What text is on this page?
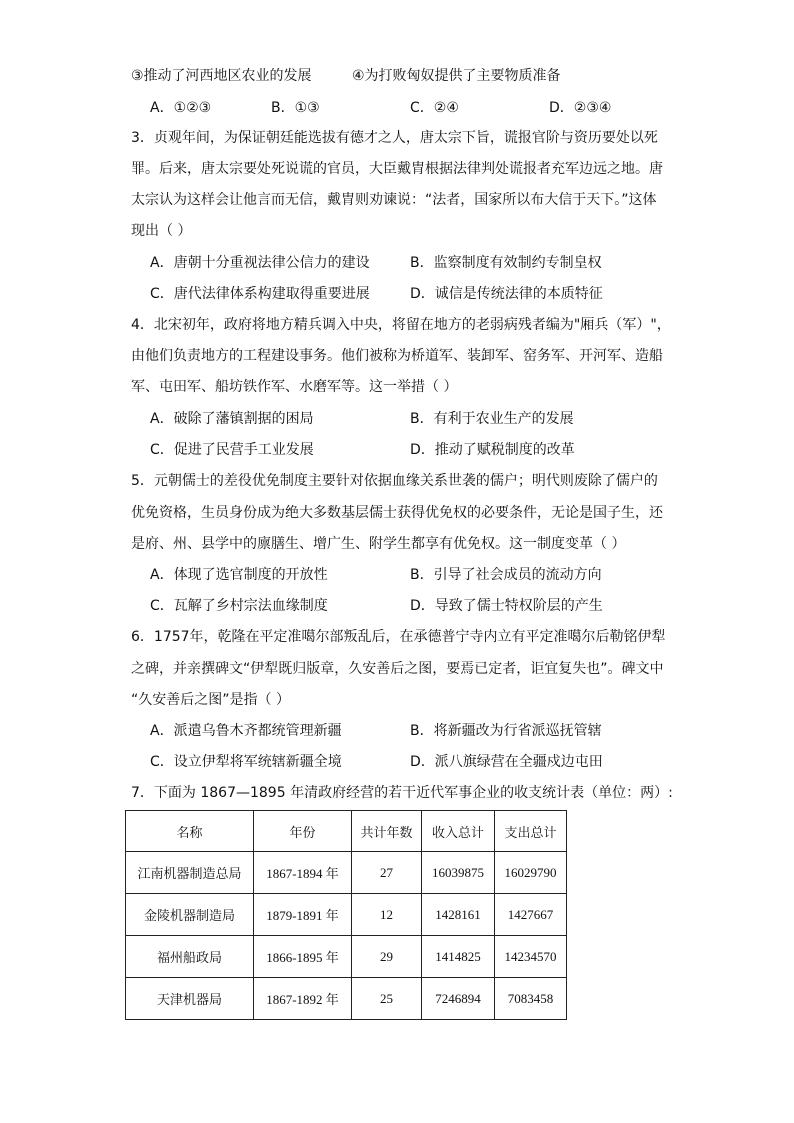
③推动了河西地区农业的发展	④为打败匈奴提供了主要物质准备
A．①②③	B．①③	C．②④	D．②③④
3．贞观年间，为保证朝廷能选拔有德才之人，唐太宗下旨，谎报官阶与资历要处以死
罪。后来，唐太宗要处死说谎的官员，大臣戴胄根据法律判处谎报者充军边远之地。唐
太宗认为这样会让他言而无信，戴胄则劝谏说：“法者，国家所以布大信于天下。”这体
现出（ ）
A．唐朝十分重视法律公信力的建设	B．监察制度有效制约专制皇权
C．唐代法律体系构建取得重要进展	D．诚信是传统法律的本质特征
4．北宋初年，政府将地方精兵调入中央，将留在地方的老弱病残者编为"厢兵（军）"，
由他们负责地方的工程建设事务。他们被称为桥道军、装卸军、窑务军、开河军、造船
军、屯田军、船坊铁作军、水磨军等。这一举措（ ）
A．破除了藩镇割据的困局	B．有利于农业生产的发展
C．促进了民营手工业发展	D．推动了赋税制度的改革
5．元朝儒士的差役优免制度主要针对依据血缘关系世袭的儒户；明代则废除了儒户的
优免资格，生员身份成为绝大多数基层儒士获得优免权的必要条件，无论是国子生，还
是府、州、县学中的廪膳生、增广生、附学生都享有优免权。这一制度变革（ ）
A．体现了选官制度的开放性	B．引导了社会成员的流动方向
C．瓦解了乡村宗法血缘制度	D．导致了儒士特权阶层的产生
6．1757年，乾隆在平定准噶尔部叛乱后，在承德普宁寺内立有平定准噶尔后勒铭伊犁
之碑，并亲撰碑文“伊犁既归版章，久安善后之图，要焉已定者，讵宜复失也”。碑文中
“久安善后之图”是指（ ）
A．派遣乌鲁木齐都统管理新疆	B．将新疆改为行省派巡抚管辖
C．设立伊犁将军统辖新疆全境	D．派八旗绿营在全疆戍边屯田
7．下面为 1867—1895 年清政府经营的若干近代军事企业的收支统计表（单位：两）:
名称	年份	共计年数	收入总计	支出总计
江南机器制造总局	1867-1894 年	27	16039875	16029790
金陵机器制造局	1879-1891 年	12	1428161	1427667
福州船政局	1866-1895 年	29	1414825	14234570
天津机器局	1867-1892 年	25	7246894	7083458
